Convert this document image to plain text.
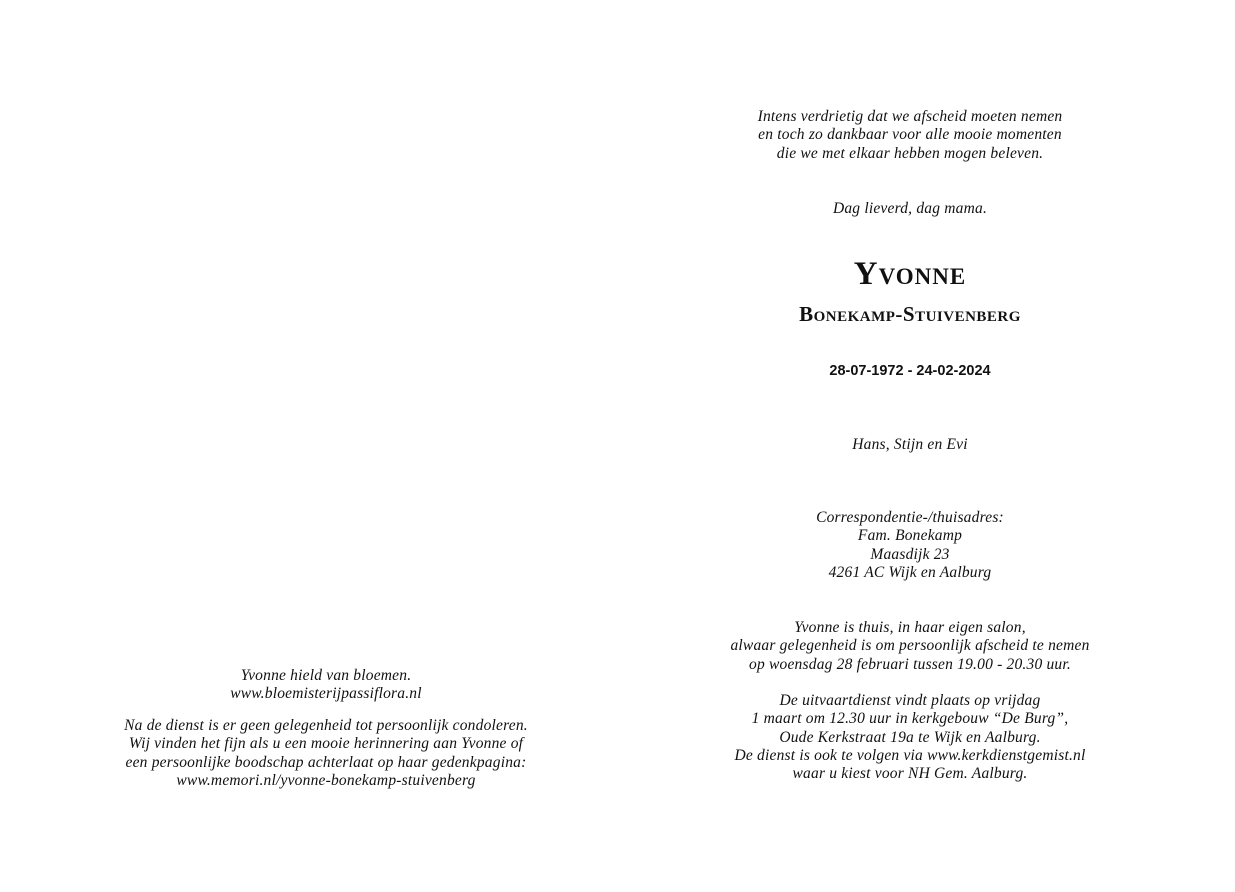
Intens verdrietig dat we afscheid moeten nemen
en toch zo dankbaar voor alle mooie momenten
die we met elkaar hebben mogen beleven.
Dag lieverd, dag mama.
Yvonne
Bonekamp-Stuivenberg
28-07-1972 - 24-02-2024
Hans, Stijn en Evi
Correspondentie-/thuisadres:
Fam. Bonekamp
Maasdijk 23
4261 AC Wijk en Aalburg
Yvonne is thuis, in haar eigen salon,
alwaar gelegenheid is om persoonlijk afscheid te nemen
op woensdag 28 februari tussen 19.00 - 20.30 uur.
De uitvaartdienst vindt plaats op vrijdag
1 maart om 12.30 uur in kerkgebouw “De Burg”,
Oude Kerkstraat 19a te Wijk en Aalburg.
De dienst is ook te volgen via www.kerkdienstgemist.nl
waar u kiest voor NH Gem. Aalburg.
Yvonne hield van bloemen.
www.bloemisterijpassiflora.nl
Na de dienst is er geen gelegenheid tot persoonlijk condoleren.
Wij vinden het fijn als u een mooie herinnering aan Yvonne of
een persoonlijke boodschap achterlaat op haar gedenkpagina:
www.memori.nl/yvonne-bonekamp-stuivenberg
